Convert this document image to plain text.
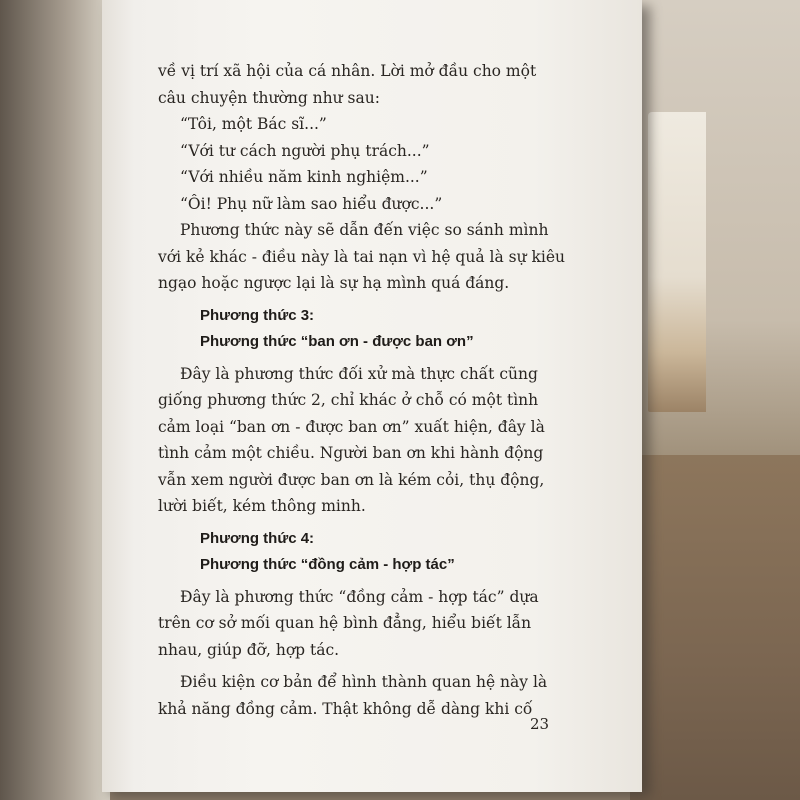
về vị trí xã hội của cá nhân. Lời mở đầu cho một câu chuyện thường như sau:

“Tôi, một Bác sĩ...”

“Với tư cách người phụ trách...”

“Với nhiều năm kinh nghiệm...”

“Ôi! Phụ nữ làm sao hiểu được...”

Phương thức này sẽ dẫn đến việc so sánh mình với kẻ khác - điều này là tai nạn vì hệ quả là sự kiêu ngạo hoặc ngược lại là sự hạ mình quá đáng.

Phương thức 3:

Phương thức “ban ơn - được ban ơn”

Đây là phương thức đối xử mà thực chất cũng giống phương thức 2, chỉ khác ở chỗ có một tình cảm loại “ban ơn - được ban ơn” xuất hiện, đây là tình cảm một chiều. Người ban ơn khi hành động vẫn xem người được ban ơn là kém cỏi, thụ động, lười biết, kém thông minh.

Phương thức 4:

Phương thức “đồng cảm - hợp tác”

Đây là phương thức “đồng cảm - hợp tác” dựa trên cơ sở mối quan hệ bình đẳng, hiểu biết lẫn nhau, giúp đỡ, hợp tác.

Điều kiện cơ bản để hình thành quan hệ này là khả năng đồng cảm. Thật không dễ dàng khi cố

23
